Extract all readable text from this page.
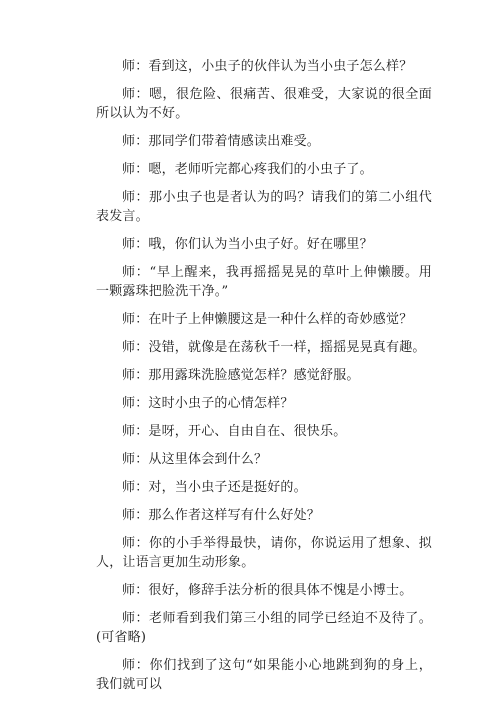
师：看到这，小虫子的伙伴认为当小虫子怎么样？

师：嗯，很危险、很痛苦、很难受，大家说的很全面所以认为不好。

师：那同学们带着情感读出难受。

师：嗯，老师听完都心疼我们的小虫子了。

师：那小虫子也是者认为的吗？请我们的第二小组代表发言。

师：哦，你们认为当小虫子好。好在哪里？

师：“早上醒来，我再摇摇晃晃的草叶上伸懒腰。用一颗露珠把脸洗干净。”

师：在叶子上伸懒腰这是一种什么样的奇妙感觉？

师：没错，就像是在荡秋千一样，摇摇晃晃真有趣。

师：那用露珠洗脸感觉怎样？感觉舒服。

师：这时小虫子的心情怎样？

师：是呀，开心、自由自在、很快乐。

师：从这里体会到什么？

师：对，当小虫子还是挺好的。

师：那么作者这样写有什么好处？

师：你的小手举得最快，请你，你说运用了想象、拟人，让语言更加生动形象。

师：很好，修辞手法分析的很具体不愧是小博士。

师：老师看到我们第三小组的同学已经迫不及待了。(可省略)

师：你们找到了这句“如果能小心地跳到狗的身上，我们就可以
